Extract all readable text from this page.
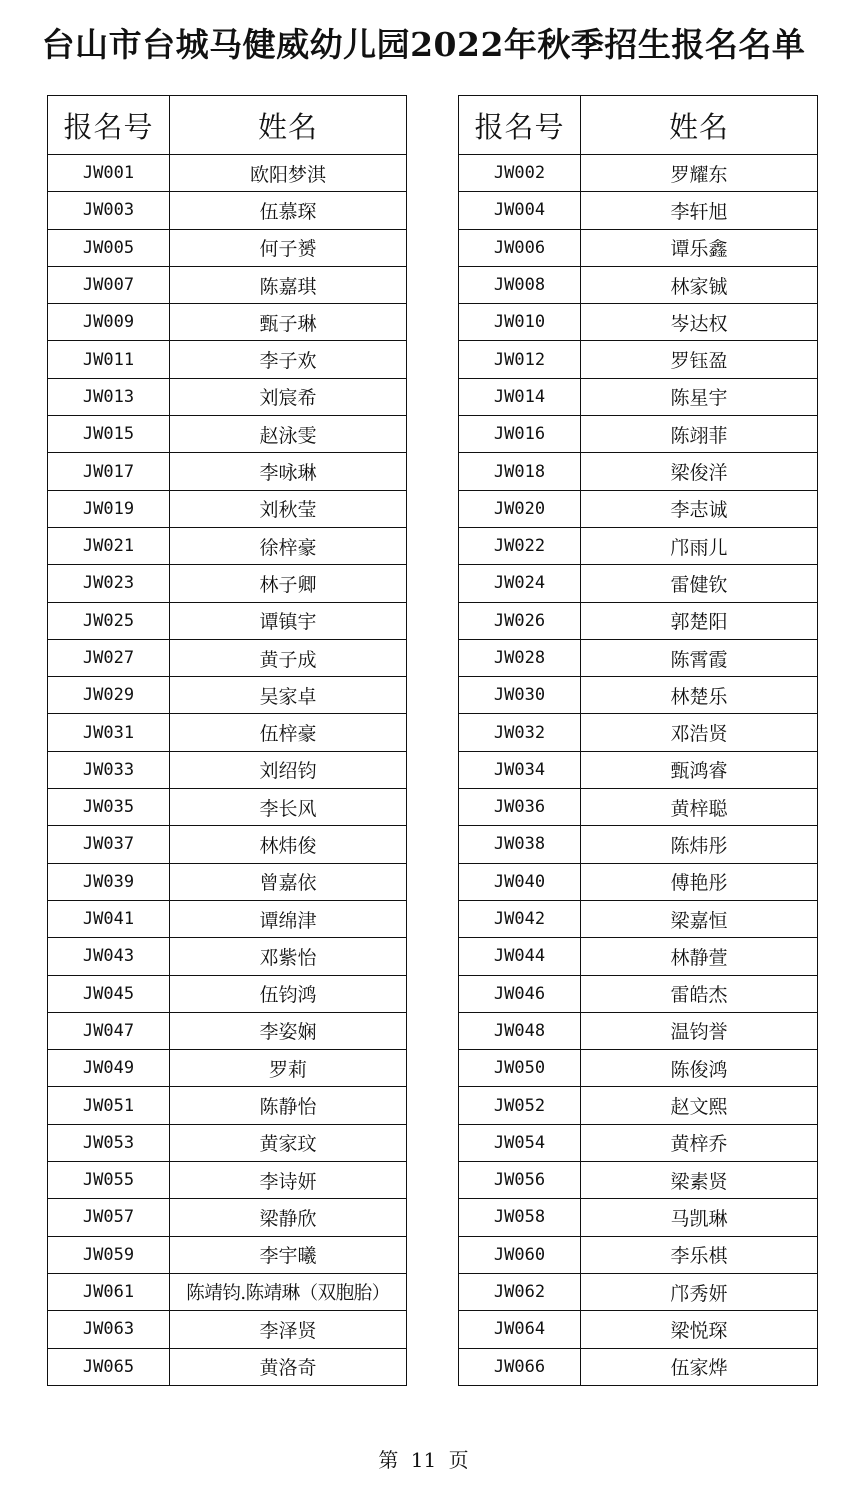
台山市台城马健威幼儿园2022年秋季招生报名名单
报名号	姓名
JW001	欧阳梦淇
JW003	伍慕琛
JW005	何子赟
JW007	陈嘉琪
JW009	甄子琳
JW011	李子欢
JW013	刘宸希
JW015	赵泳雯
JW017	李咏琳
JW019	刘秋莹
JW021	徐梓豪
JW023	林子卿
JW025	谭镇宇
JW027	黄子成
JW029	吴家卓
JW031	伍梓豪
JW033	刘绍钧
JW035	李长风
JW037	林炜俊
JW039	曾嘉依
JW041	谭绵津
JW043	邓紫怡
JW045	伍钧鸿
JW047	李姿娴
JW049	罗莉
JW051	陈静怡
JW053	黄家玟
JW055	李诗妍
JW057	梁静欣
JW059	李宇曦
JW061	陈靖钧.陈靖琳（双胞胎）
JW063	李泽贤
JW065	黄洛奇
报名号	姓名
JW002	罗耀东
JW004	李轩旭
JW006	谭乐鑫
JW008	林家铖
JW010	岑达权
JW012	罗钰盈
JW014	陈星宇
JW016	陈翊菲
JW018	梁俊洋
JW020	李志诚
JW022	邝雨儿
JW024	雷健钦
JW026	郭楚阳
JW028	陈霄霞
JW030	林楚乐
JW032	邓浩贤
JW034	甄鸿睿
JW036	黄梓聪
JW038	陈炜彤
JW040	傅艳彤
JW042	梁嘉恒
JW044	林静萱
JW046	雷皓杰
JW048	温钧誉
JW050	陈俊鸿
JW052	赵文熙
JW054	黄梓乔
JW056	梁素贤
JW058	马凯琳
JW060	李乐棋
JW062	邝秀妍
JW064	梁悦琛
JW066	伍家烨
第 11 页
